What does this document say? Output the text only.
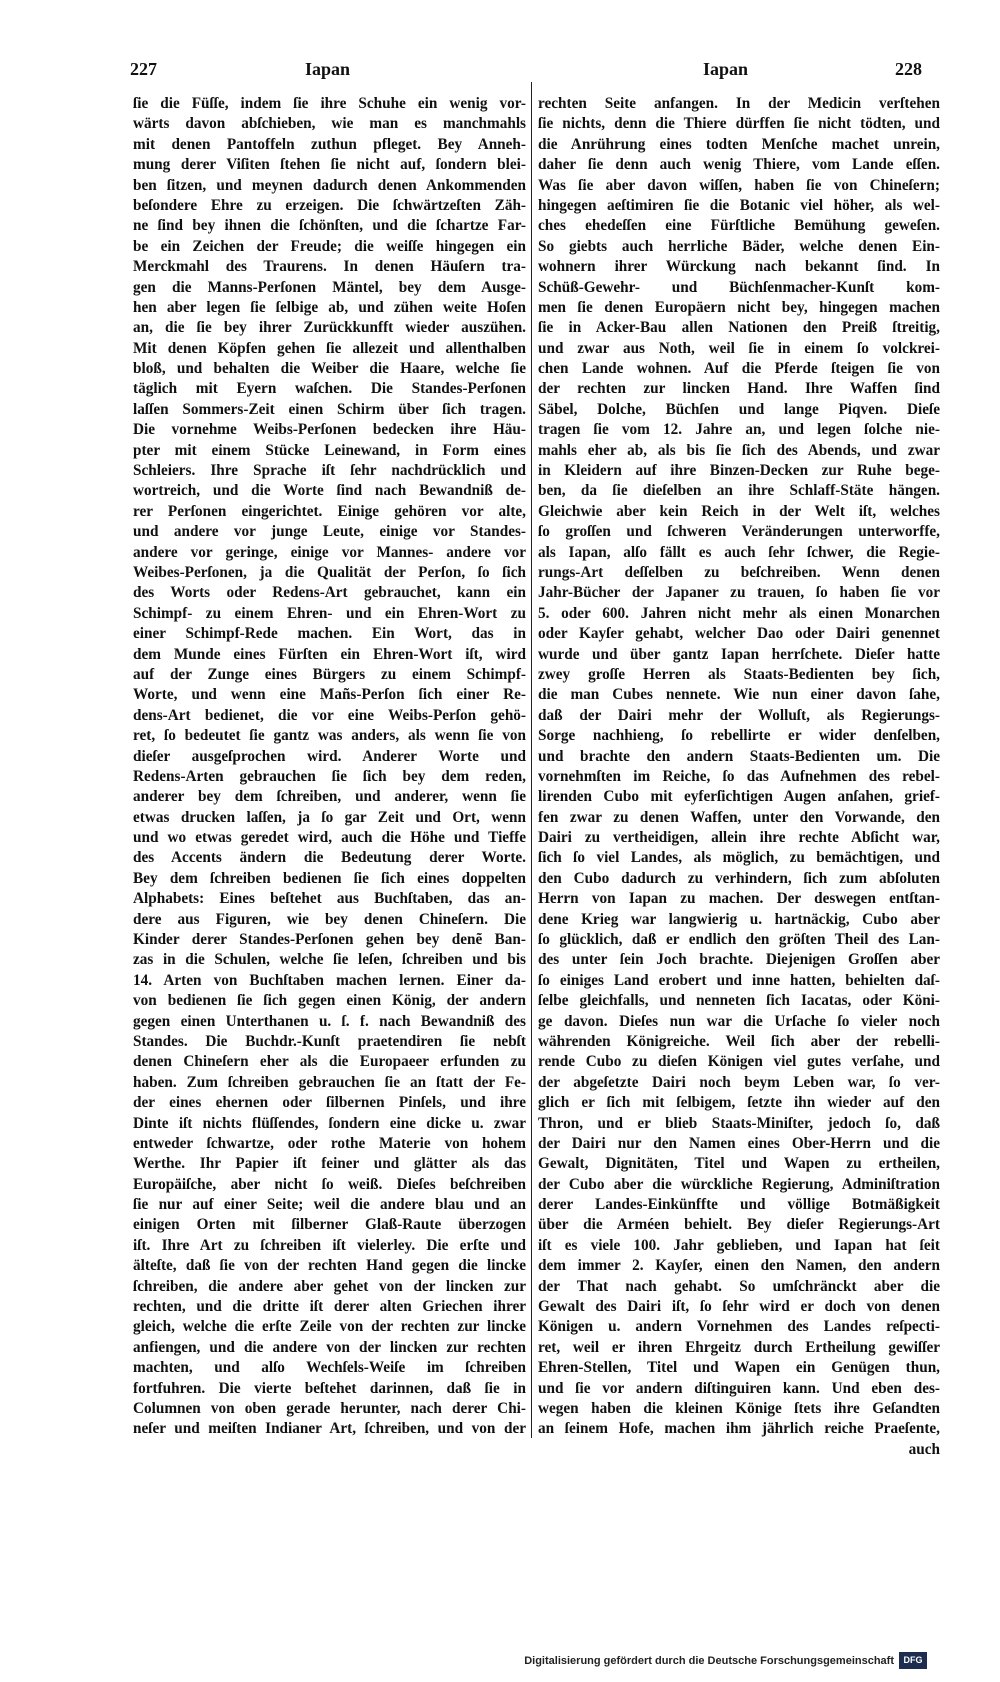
227	Iapan	Iapan	228
ſie die Füſſe, indem ſie ihre Schuhe ein wenig vor-
wärts davon abſchieben, wie man es manchmahls
mit denen Pantoffeln zuthun pfleget. Bey Anneh-
mung derer Viſiten ſtehen ſie nicht auf, ſondern blei-
ben ſitzen, und meynen dadurch denen Ankommenden
beſondere Ehre zu erzeigen. Die ſchwärtzeſten Zäh-
ne ſind bey ihnen die ſchönſten, und die ſchartze Far-
be ein Zeichen der Freude; die weiſſe hingegen ein
Merckmahl des Traurens. In denen Häuſern tra-
gen die Manns-Perſonen Mäntel, bey dem Ausge-
hen aber legen ſie ſelbige ab, und zühen weite Hoſen
an, die ſie bey ihrer Zurückkunfft wieder auszühen.
Mit denen Köpfen gehen ſie allezeit und allenthalben
bloß, und behalten die Weiber die Haare, welche ſie
täglich mit Eyern waſchen. Die Standes-Perſonen
laſſen Sommers-Zeit einen Schirm über ſich tragen.
Die vornehme Weibs-Perſonen bedecken ihre Häu-
pter mit einem Stücke Leinewand, in Form eines
Schleiers. Ihre Sprache iſt ſehr nachdrücklich und
wortreich, und die Worte ſind nach Bewandniß de-
rer Perſonen eingerichtet. Einige gehören vor alte,
und andere vor junge Leute, einige vor Standes-
andere vor geringe, einige vor Mannes- andere vor
Weibes-Perſonen, ja die Qualität der Perſon, ſo ſich
des Worts oder Redens-Art gebrauchet, kann ein
Schimpf- zu einem Ehren- und ein Ehren-Wort zu
einer Schimpf-Rede machen. Ein Wort, das in
dem Munde eines Fürſten ein Ehren-Wort iſt, wird
auf der Zunge eines Bürgers zu einem Schimpf-
Worte, und wenn eine Mañs-Perſon ſich einer Re-
dens-Art bedienet, die vor eine Weibs-Perſon gehö-
ret, ſo bedeutet ſie gantz was anders, als wenn ſie von
dieſer ausgeſprochen wird. Anderer Worte und
Redens-Arten gebrauchen ſie ſich bey dem reden,
anderer bey dem ſchreiben, und anderer, wenn ſie
etwas drucken laſſen, ja ſo gar Zeit und Ort, wenn
und wo etwas geredet wird, auch die Höhe und Tieffe
des Accents ändern die Bedeutung derer Worte.
Bey dem ſchreiben bedienen ſie ſich eines doppelten
Alphabets: Eines beſtehet aus Buchſtaben, das an-
dere aus Figuren, wie bey denen Chineſern. Die
Kinder derer Standes-Perſonen gehen bey denẽ Ban-
zas in die Schulen, welche ſie leſen, ſchreiben und bis
14. Arten von Buchſtaben machen lernen. Einer da-
von bedienen ſie ſich gegen einen König, der andern
gegen einen Unterthanen u. ſ. f. nach Bewandniß des
Standes. Die Buchdr.-Kunſt praetendiren ſie nebſt
denen Chineſern eher als die Europaeer erfunden zu
haben. Zum ſchreiben gebrauchen ſie an ſtatt der Fe-
der eines ehernen oder ſilbernen Pinſels, und ihre
Dinte iſt nichts flüſſendes, ſondern eine dicke u. zwar
entweder ſchwartze, oder rothe Materie von hohem
Werthe. Ihr Papier iſt feiner und glätter als das
Europäiſche, aber nicht ſo weiß. Dieſes beſchreiben
ſie nur auf einer Seite; weil die andere blau und an
einigen Orten mit ſilberner Glaß-Raute überzogen
iſt. Ihre Art zu ſchreiben iſt vielerley. Die erſte und
älteſte, daß ſie von der rechten Hand gegen die lincke
ſchreiben, die andere aber gehet von der lincken zur
rechten, und die dritte iſt derer alten Griechen ihrer
gleich, welche die erſte Zeile von der rechten zur lincke
anfiengen, und die andere von der lincken zur rechten
machten, und alſo Wechſels-Weiſe im ſchreiben
fortfuhren. Die vierte beſtehet darinnen, daß ſie in
Columnen von oben gerade herunter, nach derer Chi-
neſer und meiſten Indianer Art, ſchreiben, und von der
rechten Seite anfangen. In der Medicin verſtehen
ſie nichts, denn die Thiere dürffen ſie nicht tödten, und
die Anrührung eines todten Menſche machet unrein,
daher ſie denn auch wenig Thiere, vom Lande eſſen.
Was ſie aber davon wiſſen, haben ſie von Chineſern;
hingegen aeſtimiren ſie die Botanic viel höher, als wel-
ches ehedeſſen eine Fürſtliche Bemühung geweſen.
So giebts auch herrliche Bäder, welche denen Ein-
wohnern ihrer Würckung nach bekannt ſind. In
Schüß-Gewehr- und Büchſenmacher-Kunſt kom-
men ſie denen Europäern nicht bey, hingegen machen
ſie in Acker-Bau allen Nationen den Preiß ſtreitig,
und zwar aus Noth, weil ſie in einem ſo volckrei-
chen Lande wohnen. Auf die Pferde ſteigen ſie von
der rechten zur lincken Hand. Ihre Waffen ſind
Säbel, Dolche, Büchſen und lange Piqven. Dieſe
tragen ſie vom 12. Jahre an, und legen ſolche nie-
mahls eher ab, als bis ſie ſich des Abends, und zwar
in Kleidern auf ihre Binzen-Decken zur Ruhe bege-
ben, da ſie dieſelben an ihre Schlaff-Stäte hängen.
Gleichwie aber kein Reich in der Welt iſt, welches
ſo groſſen und ſchweren Veränderungen unterworffe,
als Iapan, alſo fällt es auch ſehr ſchwer, die Regie-
rungs-Art deſſelben zu beſchreiben. Wenn denen
Jahr-Bücher der Japaner zu trauen, ſo haben ſie vor
5. oder 600. Jahren nicht mehr als einen Monarchen
oder Kayſer gehabt, welcher Dao oder Dairi genennet
wurde und über gantz Iapan herrſchete. Dieſer hatte
zwey groſſe Herren als Staats-Bedienten bey ſich,
die man Cubes nennete. Wie nun einer davon ſahe,
daß der Dairi mehr der Wolluſt, als Regierungs-
Sorge nachhieng, ſo rebellirte er wider denſelben,
und brachte den andern Staats-Bedienten um. Die
vornehmſten im Reiche, ſo das Aufnehmen des rebel-
lirenden Cubo mit eyferſichtigen Augen anſahen, grief-
fen zwar zu denen Waffen, unter den Vorwande, den
Dairi zu vertheidigen, allein ihre rechte Abſicht war,
ſich ſo viel Landes, als möglich, zu bemächtigen, und
den Cubo dadurch zu verhindern, ſich zum abſoluten
Herrn von Iapan zu machen. Der deswegen entſtan-
dene Krieg war langwierig u. hartnäckig, Cubo aber
ſo glücklich, daß er endlich den gröſten Theil des Lan-
des unter ſein Joch brachte. Diejenigen Groſſen aber
ſo einiges Land erobert und inne hatten, behielten daſ-
ſelbe gleichfalls, und nenneten ſich Iacatas, oder Köni-
ge davon. Dieſes nun war die Urſache ſo vieler noch
währenden Königreiche. Weil ſich aber der rebelli-
rende Cubo zu dieſen Königen viel gutes verſahe, und
der abgeſetzte Dairi noch beym Leben war, ſo ver-
glich er ſich mit ſelbigem, ſetzte ihn wieder auf den
Thron, und er blieb Staats-Miniſter, jedoch ſo, daß
der Dairi nur den Namen eines Ober-Herrn und die
Gewalt, Dignitäten, Titel und Wapen zu ertheilen,
der Cubo aber die würckliche Regierung, Adminiſtration
derer Landes-Einkünffte und völlige Botmäßigkeit
über die Arméen behielt. Bey dieſer Regierungs-Art
iſt es viele 100. Jahr geblieben, und Iapan hat ſeit
dem immer 2. Kayſer, einen den Namen, den andern
der That nach gehabt. So umſchränckt aber die
Gewalt des Dairi iſt, ſo ſehr wird er doch von denen
Königen u. andern Vornehmen des Landes reſpecti-
ret, weil er ihren Ehrgeitz durch Ertheilung gewiſſer
Ehren-Stellen, Titel und Wapen ein Genügen thun,
und ſie vor andern diſtinguiren kann. Und eben des-
wegen haben die kleinen Könige ſtets ihre Geſandten
an ſeinem Hofe, machen ihm jährlich reiche Praeſente,
auch
Digitalisierung gefördert durch die Deutsche Forschungsgemeinschaft	DFG
